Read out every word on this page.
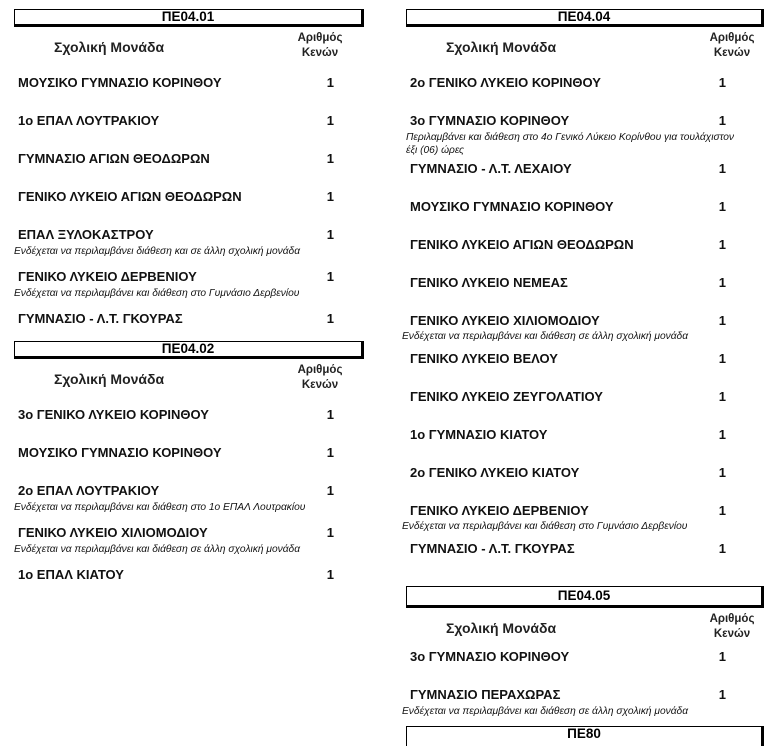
ΠΕ04.01
Σχολική Μονάδα
Αριθμός
Κενών
ΜΟΥΣΙΚΟ ΓΥΜΝΑΣΙΟ ΚΟΡΙΝΘΟΥ	1
1ο ΕΠΑΛ ΛΟΥΤΡΑΚΙΟΥ	1
ΓΥΜΝΑΣΙΟ ΑΓΙΩΝ ΘΕΟΔΩΡΩΝ	1
ΓΕΝΙΚΟ ΛΥΚΕΙΟ ΑΓΙΩΝ ΘΕΟΔΩΡΩΝ	1
ΕΠΑΛ ΞΥΛΟΚΑΣΤΡΟΥ	1
Ενδέχεται να περιλαμβάνει διάθεση και σε άλλη σχολική μονάδα
ΓΕΝΙΚΟ ΛΥΚΕΙΟ ΔΕΡΒΕΝΙΟΥ	1
Ενδέχεται να περιλαμβάνει και διάθεση στο Γυμνάσιο Δερβενίου
ΓΥΜΝΑΣΙΟ - Λ.Τ. ΓΚΟΥΡΑΣ	1
ΠΕ04.02
Σχολική Μονάδα
Αριθμός
Κενών
3ο ΓΕΝΙΚΟ ΛΥΚΕΙΟ ΚΟΡΙΝΘΟΥ	1
ΜΟΥΣΙΚΟ ΓΥΜΝΑΣΙΟ ΚΟΡΙΝΘΟΥ	1
2ο ΕΠΑΛ ΛΟΥΤΡΑΚΙΟΥ	1
Ενδέχεται να περιλαμβάνει και διάθεση στο 1ο ΕΠΑΛ Λουτρακίου
ΓΕΝΙΚΟ ΛΥΚΕΙΟ ΧΙΛΙΟΜΟΔΙΟΥ	1
Ενδέχεται να περιλαμβάνει και διάθεση σε άλλη σχολική μονάδα
1ο ΕΠΑΛ ΚΙΑΤΟΥ	1
ΠΕ04.04
Σχολική Μονάδα
Αριθμός
Κενών
2ο ΓΕΝΙΚΟ ΛΥΚΕΙΟ ΚΟΡΙΝΘΟΥ	1
3ο ΓΥΜΝΑΣΙΟ ΚΟΡΙΝΘΟΥ	1
Περιλαμβάνει και διάθεση στο 4ο Γενικό Λύκειο Κορίνθου για τουλάχιστον έξι (06) ώρες
ΓΥΜΝΑΣΙΟ - Λ.Τ. ΛΕΧΑΙΟΥ	1
ΜΟΥΣΙΚΟ ΓΥΜΝΑΣΙΟ ΚΟΡΙΝΘΟΥ	1
ΓΕΝΙΚΟ ΛΥΚΕΙΟ ΑΓΙΩΝ ΘΕΟΔΩΡΩΝ	1
ΓΕΝΙΚΟ ΛΥΚΕΙΟ ΝΕΜΕΑΣ	1
ΓΕΝΙΚΟ ΛΥΚΕΙΟ ΧΙΛΙΟΜΟΔΙΟΥ	1
Ενδέχεται να περιλαμβάνει και διάθεση σε άλλη σχολική μονάδα
ΓΕΝΙΚΟ ΛΥΚΕΙΟ ΒΕΛΟΥ	1
ΓΕΝΙΚΟ ΛΥΚΕΙΟ ΖΕΥΓΟΛΑΤΙΟΥ	1
1ο ΓΥΜΝΑΣΙΟ ΚΙΑΤΟΥ	1
2ο ΓΕΝΙΚΟ ΛΥΚΕΙΟ ΚΙΑΤΟΥ	1
ΓΕΝΙΚΟ ΛΥΚΕΙΟ ΔΕΡΒΕΝΙΟΥ	1
Ενδέχεται να περιλαμβάνει και διάθεση στο Γυμνάσιο Δερβενίου
ΓΥΜΝΑΣΙΟ - Λ.Τ. ΓΚΟΥΡΑΣ	1
ΠΕ04.05
Σχολική Μονάδα
Αριθμός
Κενών
3ο ΓΥΜΝΑΣΙΟ ΚΟΡΙΝΘΟΥ	1
ΓΥΜΝΑΣΙΟ ΠΕΡΑΧΩΡΑΣ	1
Ενδέχεται να περιλαμβάνει και διάθεση σε άλλη σχολική μονάδα
ΠΕ80
